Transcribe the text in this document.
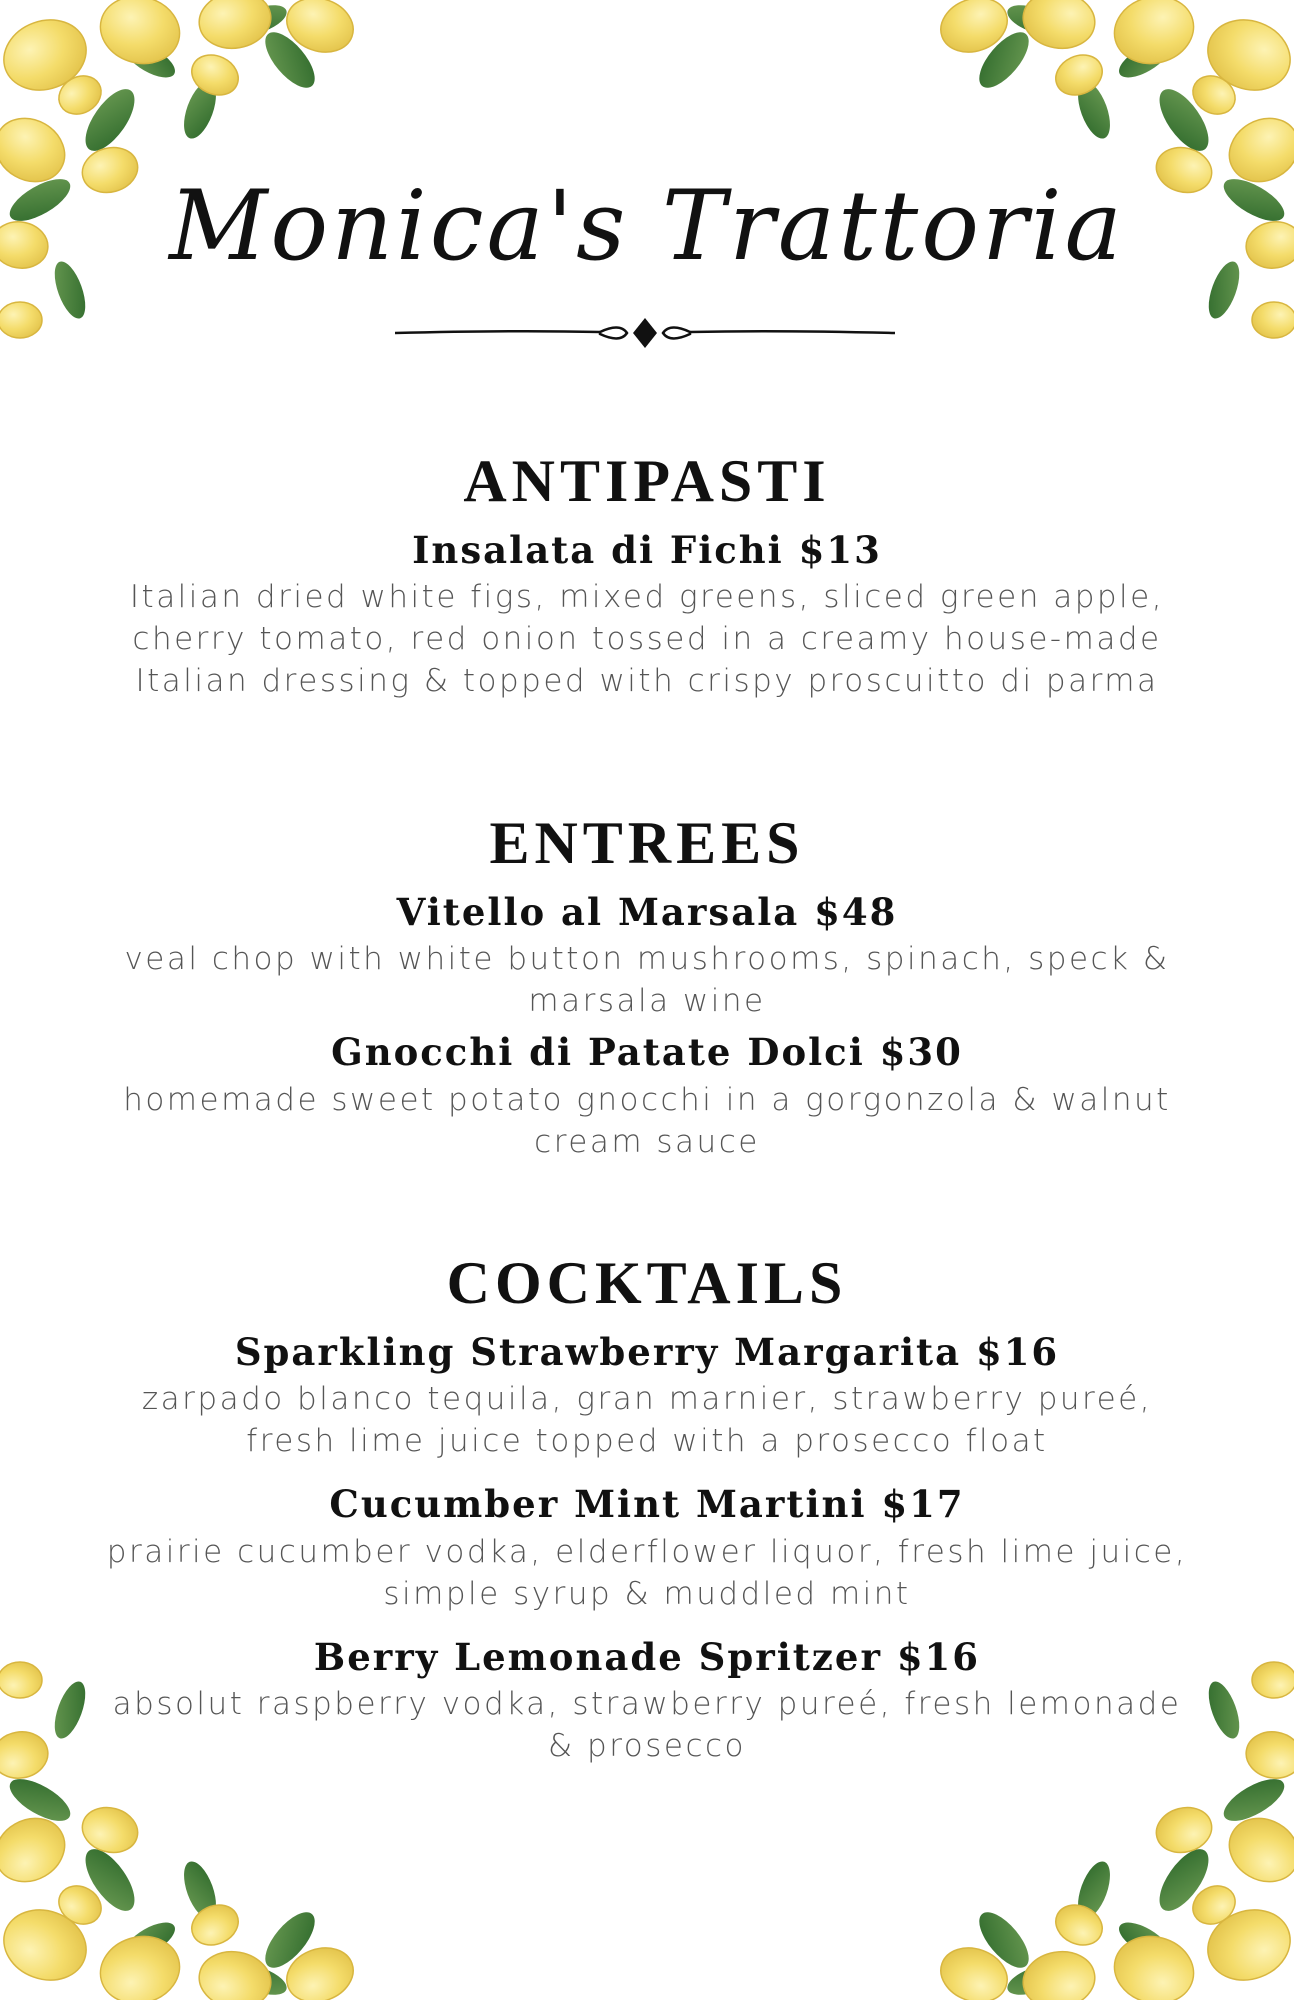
Monica's Trattoria
ANTIPASTI
Insalata di Fichi $13
Italian dried white figs, mixed greens, sliced green apple, cherry tomato, red onion tossed in a creamy house-made Italian dressing & topped with crispy proscuitto di parma
ENTREES
Vitello al Marsala $48
veal chop with white button mushrooms, spinach, speck & marsala wine
Gnocchi di Patate Dolci $30
homemade sweet potato gnocchi in a gorgonzola & walnut cream sauce
COCKTAILS
Sparkling Strawberry Margarita $16
zarpado blanco tequila, gran marnier, strawberry pureé, fresh lime juice topped with a prosecco float
Cucumber Mint Martini $17
prairie cucumber vodka, elderflower liquor, fresh lime juice, simple syrup & muddled mint
Berry Lemonade Spritzer $16
absolut raspberry vodka, strawberry pureé, fresh lemonade & prosecco
